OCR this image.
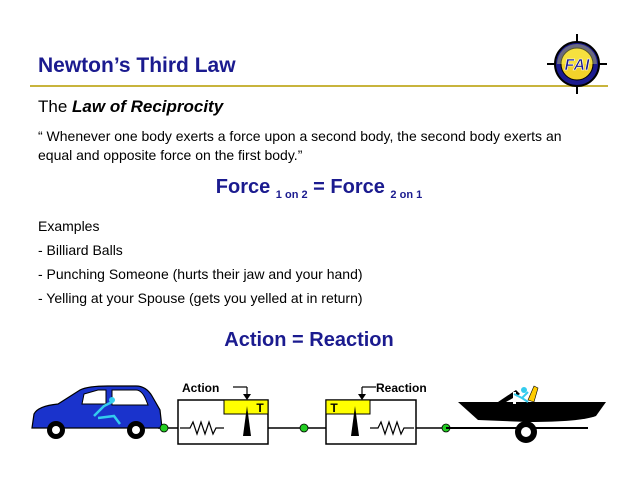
Newton’s Third Law	FAI
The Law of Reciprocity
“ Whenever one body exerts a force upon a second body, the second body exerts an equal and opposite force on the first body.”
Force $_{1 on 2}$ = Force $_{2 on 1}$
Examples
- Billiard Balls
- Punching Someone (hurts their jaw and your hand)
- Yelling at your Spouse (gets you yelled at in return)
Action = Reaction
T
Action
T
Reaction
